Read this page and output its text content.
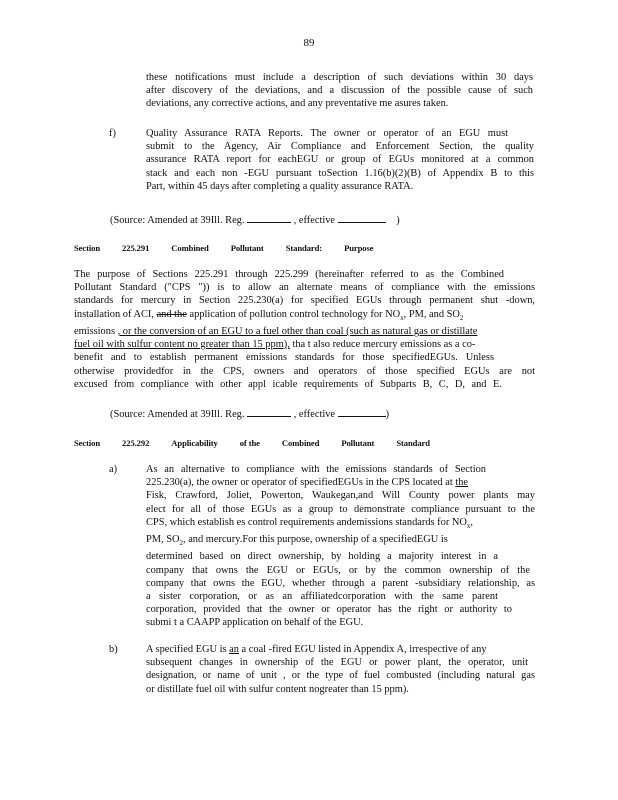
89
these notifications must include a description of such deviations within 30 days
after discovery of the deviations, and a discussion of the possible cause of such
deviations, any corrective actions, and any preventative me asures taken.
f)	Quality Assurance RATA Reports. The owner or operator of an EGU must
submit to the Agency, Air Compliance and Enforcement Section, the quality
assurance RATA report for eachEGU or group of EGUs monitored at a common
stack and each non -EGU pursuant toSection 1.16(b)(2)(B) of Appendix B to this
Part, within 45 days after completing a quality assurance RATA.
(Source: Amended at 39Ill. Reg.	, effective	)
Section	225.291	Combined	Pollutant	Standard:	Purpose
The purpose of Sections 225.291 through 225.299 (hereinafter referred to as the Combined
Pollutant Standard ("CPS ")) is to allow an alternate means of compliance with the emissions
standards for mercury in Section 225.230(a) for specified EGUs through permanent shut -down,
installation of ACI, and the application of pollution control technology for $NO_x$, PM, and $SO_2$
emissions , or the conversion of an EGU to a fuel other than coal (such as natural gas or distillate
fuel oil with sulfur content no greater than 15 ppm), tha t also reduce mercury emissions as a co-
benefit and to establish permanent emissions standards for those specifiedEGUs. Unless
otherwise providedfor in the CPS, owners and operators of those specified EGUs are not
excused from compliance with other appl icable requirements of Subparts B, C, D, and E.
(Source: Amended at 39Ill. Reg.	, effective	)
Section	225.292	Applicability	of the	Combined	Pollutant	Standard
a)	As an alternative to compliance with the emissions standards of Section
225.230(a), the owner or operator of specifiedEGUs in the CPS located at the
Fisk, Crawford, Joliet, Powerton, Waukegan,and Will County power plants may
elect for all of those EGUs as a group to demonstrate compliance pursuant to the
CPS, which establish es control requirements andemissions standards for $NO_x$,
PM, $SO_2$, and mercury.For this purpose, ownership of a specifiedEGU is
determined based on direct ownership, by holding a majority interest in a
company that owns the EGU or EGUs, or by the common ownership of the
company that owns the EGU, whether through a parent -subsidiary relationship, as
a sister corporation, or as an affiliatedcorporation with the same parent
corporation, provided that the owner or operator has the right or authority to
submi t a CAAPP application on behalf of the EGU.
b)	A specified EGU is an a coal -fired EGU listed in Appendix A, irrespective of any
subsequent changes in ownership of the EGU or power plant, the operator, unit
designation, or name of unit , or the type of fuel combusted (including natural gas
or distillate fuel oil with sulfur content nogreater than 15 ppm).
